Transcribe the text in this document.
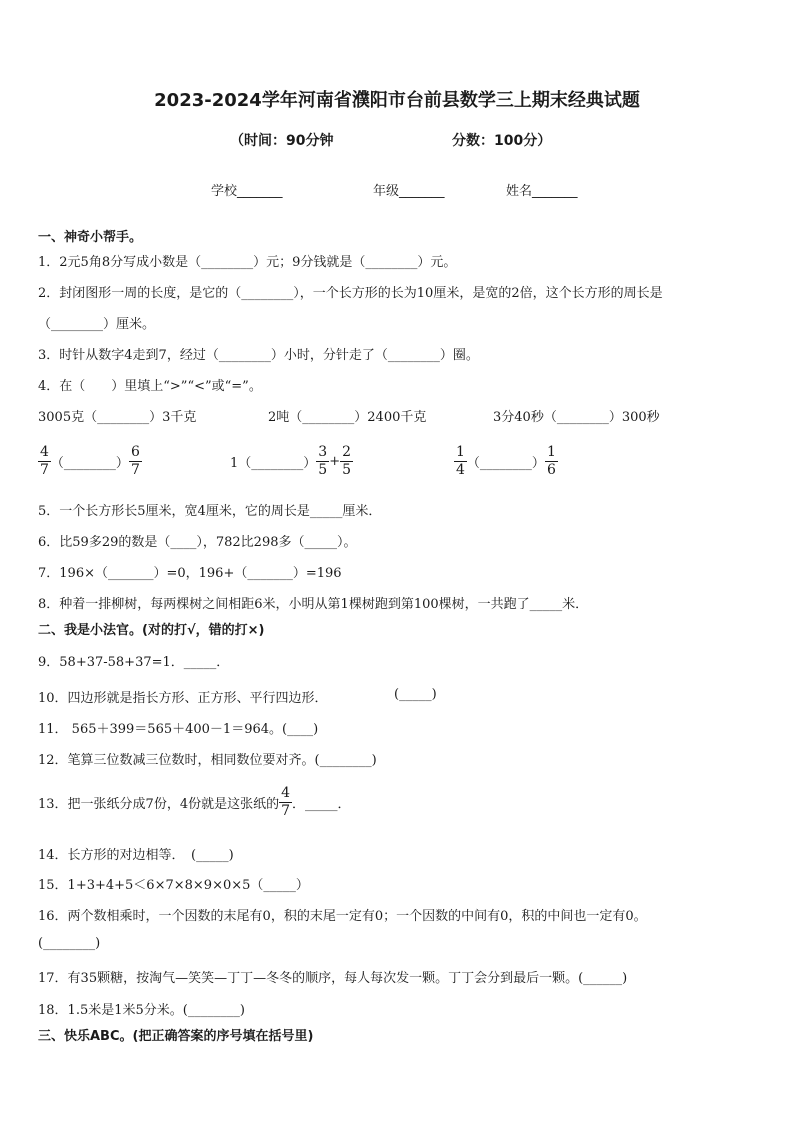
2023-2024学年河南省濮阳市台前县数学三上期末经典试题
（时间：90分钟	分数：100分）
学校_______	年级_______	姓名_______
一、神奇小帮手。
1．2元5角8分写成小数是（________）元；9分钱就是（________）元。
2．封闭图形一周的长度，是它的（________），一个长方形的长为10厘米，是宽的2倍，这个长方形的周长是
（________）厘米。
3．时针从数字4走到7，经过（________）小时，分针走了（________）圈。
4．在（　　）里填上“>”“<”或“=”。
3005克（________）3千克	2吨（________）2400千克	3分40秒（________）300秒
$\frac{4}{7}$ （________） $\frac{6}{7}$	1（________） $\frac{3}{5} + \frac{2}{5}$	$\frac{1}{4}$ （________） $\frac{1}{6}$
5．一个长方形长5厘米，宽4厘米，它的周长是_____厘米．
6．比59多29的数是（____），782比298多（_____）。
7．196×（_______）=0，196+（_______）=196
8．种着一排柳树，每两棵树之间相距6米，小明从第1棵树跑到第100棵树，一共跑了_____米．
二、我是小法官。(对的打√，错的打×)
9．58+37-58+37=1．_____．
10．四边形就是指长方形、正方形、平行四边形．	(_____)
11． 565＋399＝565＋400－1＝964。(____)
12．笔算三位数减三位数时，相同数位要对齐。(________)
13．把一张纸分成7份，4份就是这张纸的 $\frac{4}{7}$ ．_____．
14．长方形的对边相等．　(_____)
15．1+3+4+5＜6×7×8×9×0×5（_____）
16．两个数相乘时，一个因数的末尾有0，积的末尾一定有0；一个因数的中间有0，积的中间也一定有0。
(________)
17．有35颗糖，按淘气—笑笑—丁丁—冬冬的顺序，每人每次发一颗。丁丁会分到最后一颗。(______)
18．1.5米是1米5分米。(________)
三、快乐ABC。(把正确答案的序号填在括号里)
